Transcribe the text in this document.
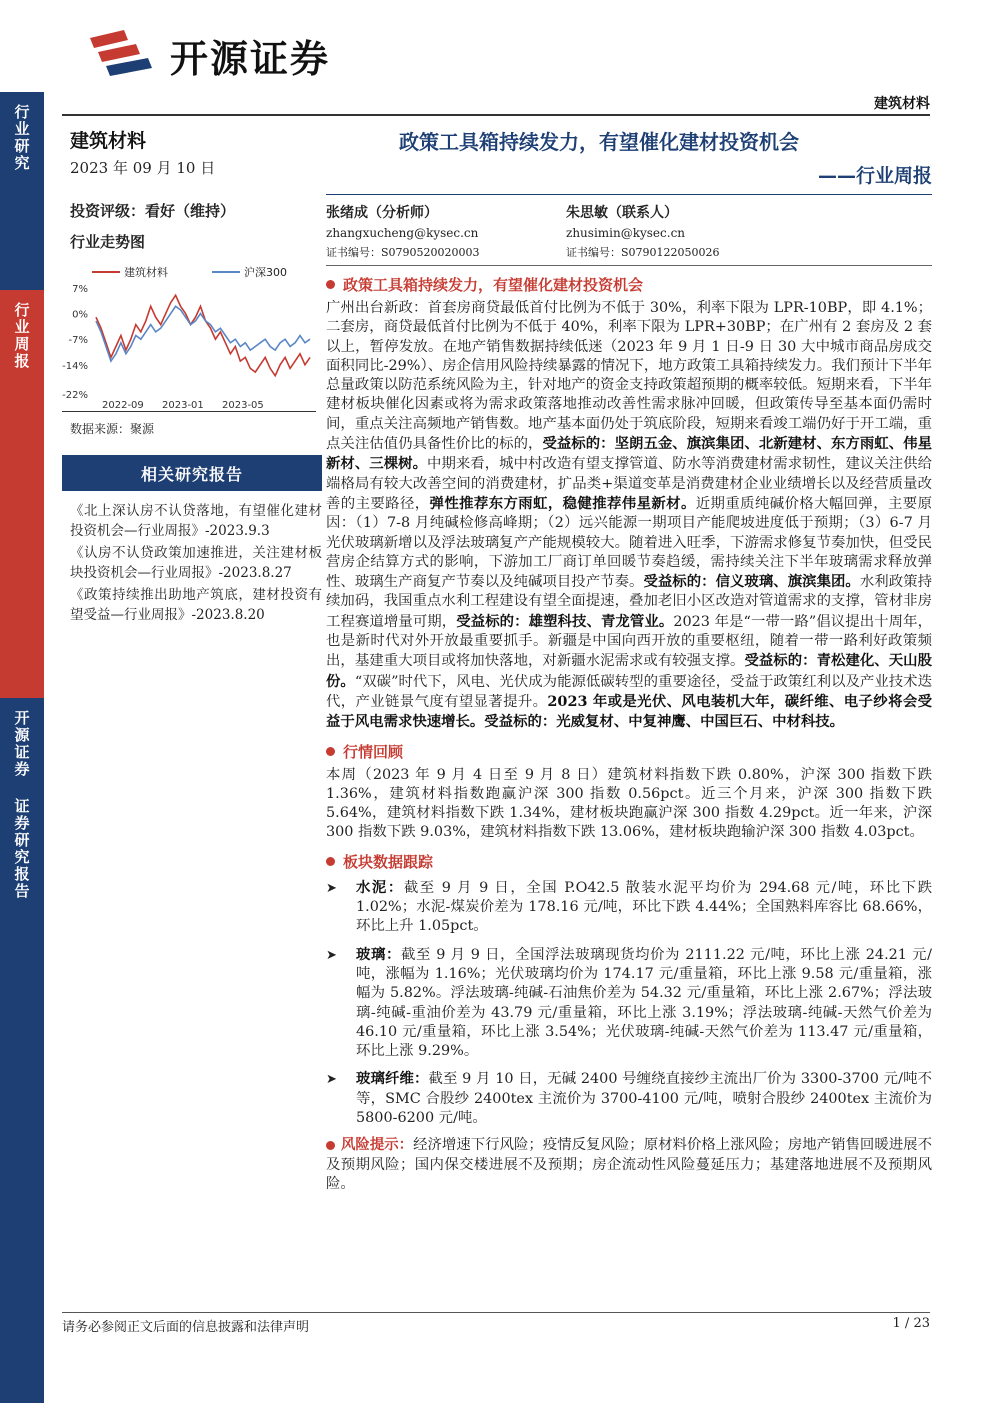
行业研究
行业周报
开源证券 证券研究报告
开源证券
建筑材料
建筑材料
2023 年 09 月 10 日
投资评级：看好（维持）
行业走势图
建筑材料	沪深300
7%
0%
-7%
-14%
-22%
2022-09 2023-01 2023-05
数据来源：聚源
相关研究报告

《北上深认房不认贷落地，有望催化建材投资机会—行业周报》-2023.9.3

《认房不认贷政策加速推进，关注建材板块投资机会—行业周报》-2023.8.27

《政策持续推出助地产筑底，建材投资有望受益—行业周报》-2023.8.20

政策工具箱持续发力，有望催化建材投资机会
——行业周报
张绪成（分析师）
zhangxucheng@kysec.cn
证书编号：S0790520020003
朱思敏（联系人）
zhusimin@kysec.cn
证书编号：S0790122050026
政策工具箱持续发力，有望催化建材投资机会
广州出台新政：首套房商贷最低首付比例为不低于 30%，利率下限为 LPR-10BP，即 4.1%；二套房，商贷最低首付比例为不低于 40%，利率下限为 LPR+30BP；在广州有 2 套房及 2 套以上，暂停发放。在地产销售数据持续低迷（2023 年 9 月 1 日-9 日 30 大中城市商品房成交面积同比-29%）、房企信用风险持续暴露的情况下，地方政策工具箱持续发力。我们预计下半年总量政策以防范系统风险为主，针对地产的资金支持政策超预期的概率较低。短期来看，下半年建材板块催化因素或将为需求政策落地推动改善性需求脉冲回暖，但政策传导至基本面仍需时间，重点关注高频地产销售数。地产基本面仍处于筑底阶段，短期来看竣工端仍好于开工端，重点关注估值仍具备性价比的标的，受益标的：坚朗五金、旗滨集团、北新建材、东方雨虹、伟星新材、三棵树。中期来看，城中村改造有望支撑管道、防水等消费建材需求韧性，建议关注供给端格局有较大改善空间的消费建材，扩品类+渠道变革是消费建材企业业绩增长以及经营质量改善的主要路径，弹性推荐东方雨虹，稳健推荐伟星新材。近期重质纯碱价格大幅回弹，主要原因：（1）7-8 月纯碱检修高峰期；（2）远兴能源一期项目产能爬坡进度低于预期；（3）6-7 月光伏玻璃新增以及浮法玻璃复产产能规模较大。随着进入旺季，下游需求修复节奏加快，但受民营房企结算方式的影响，下游加工厂商订单回暖节奏趋缓，需持续关注下半年玻璃需求释放弹性、玻璃生产商复产节奏以及纯碱项目投产节奏。受益标的：信义玻璃、旗滨集团。水利政策持续加码，我国重点水利工程建设有望全面提速，叠加老旧小区改造对管道需求的支撑，管材非房工程赛道增量可期，受益标的：雄塑科技、青龙管业。2023 年是“一带一路”倡议提出十周年，也是新时代对外开放最重要抓手。新疆是中国向西开放的重要枢纽，随着一带一路利好政策频出，基建重大项目或将加快落地，对新疆水泥需求或有较强支撑。受益标的：青松建化、天山股份。“双碳”时代下，风电、光伏成为能源低碳转型的重要途径，受益于政策红利以及产业技术迭代，产业链景气度有望显著提升。2023 年或是光伏、风电装机大年，碳纤维、电子纱将会受益于风电需求快速增长。受益标的：光威复材、中复神鹰、中国巨石、中材科技。
行情回顾
本周（2023 年 9 月 4 日至 9 月 8 日）建筑材料指数下跌 0.80%，沪深 300 指数下跌 1.36%，建筑材料指数跑赢沪深 300 指数 0.56pct。近三个月来，沪深 300 指数下跌 5.64%，建筑材料指数下跌 1.34%，建材板块跑赢沪深 300 指数 4.29pct。近一年来，沪深 300 指数下跌 9.03%，建筑材料指数下跌 13.06%，建材板块跑输沪深 300 指数 4.03pct。
板块数据跟踪
➤	水泥：截至 9 月 9 日，全国 P.O42.5 散装水泥平均价为 294.68 元/吨，环比下跌 1.02%；水泥-煤炭价差为 178.16 元/吨，环比下跌 4.44%；全国熟料库容比 68.66%，环比上升 1.05pct。
➤	玻璃：截至 9 月 9 日，全国浮法玻璃现货均价为 2111.22 元/吨，环比上涨 24.21 元/吨，涨幅为 1.16%；光伏玻璃均价为 174.17 元/重量箱，环比上涨 9.58 元/重量箱，涨幅为 5.82%。浮法玻璃-纯碱-石油焦价差为 54.32 元/重量箱，环比上涨 2.67%；浮法玻璃-纯碱-重油价差为 43.79 元/重量箱，环比上涨 3.19%；浮法玻璃-纯碱-天然气价差为 46.10 元/重量箱，环比上涨 3.54%；光伏玻璃-纯碱-天然气价差为 113.47 元/重量箱，环比上涨 9.29%。
➤	玻璃纤维：截至 9 月 10 日，无碱 2400 号缠绕直接纱主流出厂价为 3300-3700 元/吨不等，SMC 合股纱 2400tex 主流价为 3700-4100 元/吨，喷射合股纱 2400tex 主流价为 5800-6200 元/吨。
风险提示：经济增速下行风险；疫情反复风险；原材料价格上涨风险；房地产销售回暖进展不及预期风险；国内保交楼进展不及预期；房企流动性风险蔓延压力；基建落地进展不及预期风险。
请务必参阅正文后面的信息披露和法律声明	1 / 23
